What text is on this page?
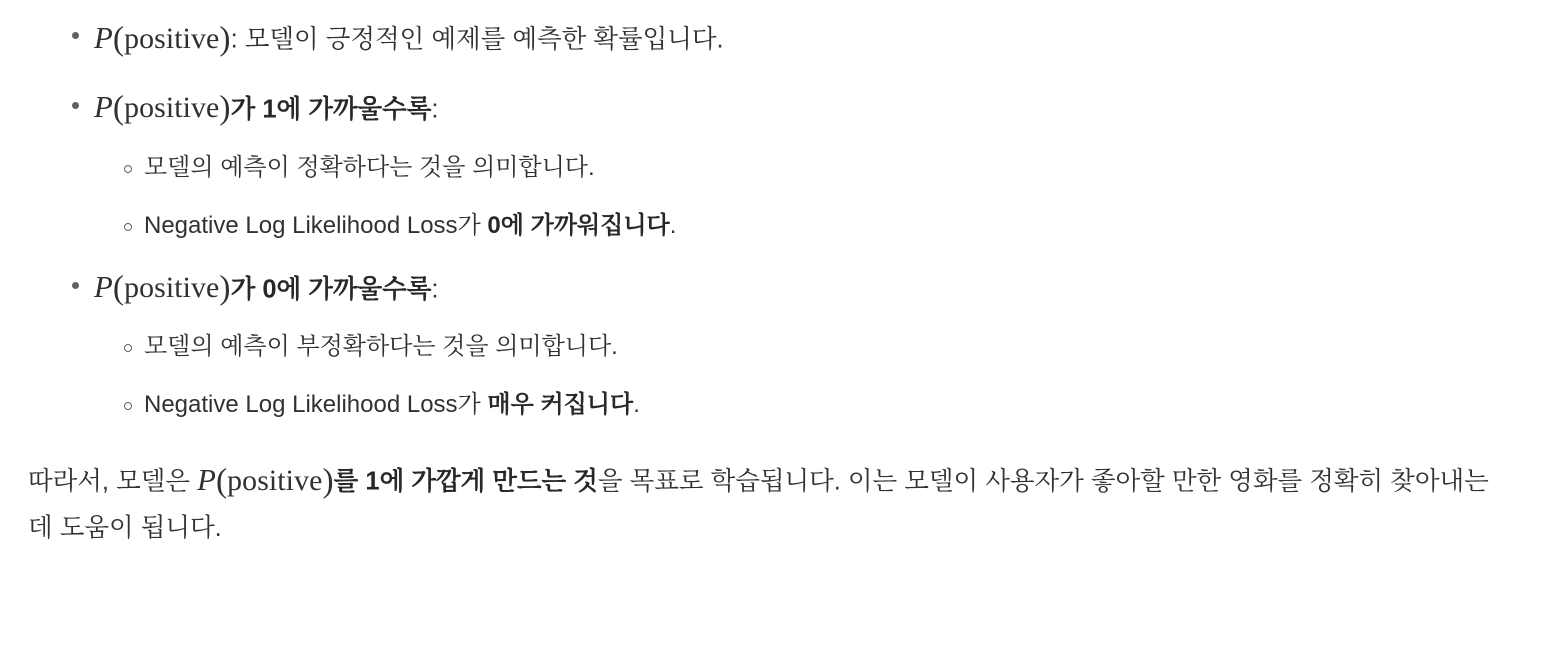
P(positive): 모델이 긍정적인 예제를 예측한 확률입니다.
P(positive)가 1에 가까울수록:
모델의 예측이 정확하다는 것을 의미합니다.
Negative Log Likelihood Loss가 0에 가까워집니다.
P(positive)가 0에 가까울수록:
모델의 예측이 부정확하다는 것을 의미합니다.
Negative Log Likelihood Loss가 매우 커집니다.

따라서, 모델은 P(positive)를 1에 가깝게 만드는 것을 목표로 학습됩니다. 이는 모델이 사용자가 좋아할 만한 영화를 정확히 찾아내는 데 도움이 됩니다.
